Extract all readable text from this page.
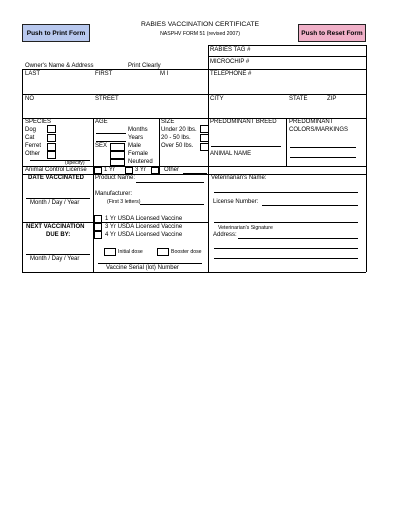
Push to Print Form	Push to Reset Form
RABIES VACCINATION CERTIFICATE
NASPHV FORM 51 (revised 2007)
RABIES TAG #
MICROCHIP #
TELEPHONE #
Owner's Name & Address	Print Clearly
LAST	FIRST	M I
NO	STREET	CITY	STATE	ZIP
SPECIES
Dog
Cat
Ferret
Other
(specify)
AGE
Months
Years
SEX	Male
Female
Neutered
SIZE
Under 20 lbs.
20 - 50 lbs.
Over 50 lbs.
PREDOMINANT BREED PREDOMINANT
COLORS/MARKINGS
ANIMAL NAME
Animal Control License	1 Yr	3 Yr	Other
DATE VACCINATED
Month / Day / Year
NEXT VACCINATION
DUE BY:
Month / Day / Year
Product Name:
Manufacturer:
(First 3 letters)
1 Yr USDA Licensed Vaccine
3 Yr USDA Licensed Vaccine
4 Yr USDA Licensed Vaccine
Initial dose	Booster dose
Vaccine Serial (lot) Number
Veterinarian's Name:
License Number:
Veterinarian's Signature
Address:
